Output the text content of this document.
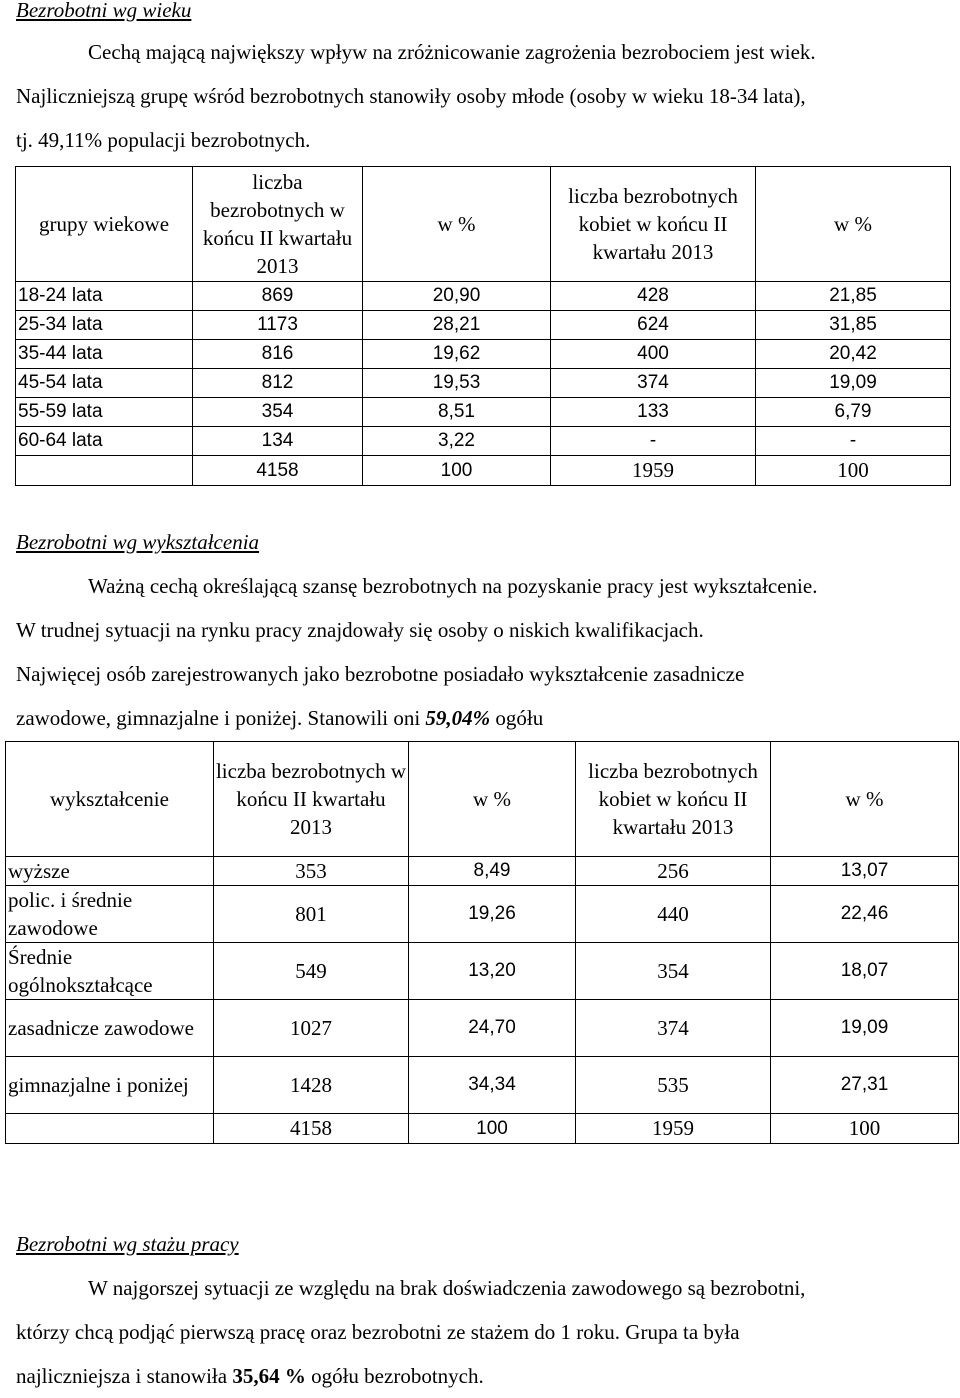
Bezrobotni wg wieku

Cechą mającą największy wpływ na zróżnicowanie zagrożenia bezrobociem jest wiek.
Najliczniejszą grupę wśród bezrobotnych stanowiły osoby młode (osoby w wieku 18-34 lata),
tj. 49,11% populacji bezrobotnych.

grupy wiekowe	liczba bezrobotnych w końcu II kwartału 2013	w %	liczba bezrobotnych kobiet w końcu II kwartału 2013	w %
18-24 lata	869	20,90	428	21,85
25-34 lata	1173	28,21	624	31,85
35-44 lata	816	19,62	400	20,42
45-54 lata	812	19,53	374	19,09
55-59 lata	354	8,51	133	6,79
60-64 lata	134	3,22	-	-
	4158	100	1959	100
Bezrobotni wg wykształcenia

Ważną cechą określającą szansę bezrobotnych na pozyskanie pracy jest wykształcenie.
W trudnej sytuacji na rynku pracy znajdowały się osoby o niskich kwalifikacjach.
Najwięcej osób zarejestrowanych jako bezrobotne posiadało wykształcenie zasadnicze
zawodowe, gimnazjalne i poniżej. Stanowili oni 59,04% ogółu

wykształcenie	liczba bezrobotnych w końcu II kwartału 2013	w %	liczba bezrobotnych kobiet w końcu II kwartału 2013	w %
wyższe	353	8,49	256	13,07
polic. i średnie zawodowe	801	19,26	440	22,46
Średnie ogólnokształcące	549	13,20	354	18,07
zasadnicze zawodowe	1027	24,70	374	19,09
gimnazjalne i poniżej	1428	34,34	535	27,31
	4158	100	1959	100
Bezrobotni wg stażu pracy

W najgorszej sytuacji ze względu na brak doświadczenia zawodowego są bezrobotni,
którzy chcą podjąć pierwszą pracę oraz bezrobotni ze stażem do 1 roku. Grupa ta była
najliczniejsza i stanowiła 35,64 % ogółu bezrobotnych.
